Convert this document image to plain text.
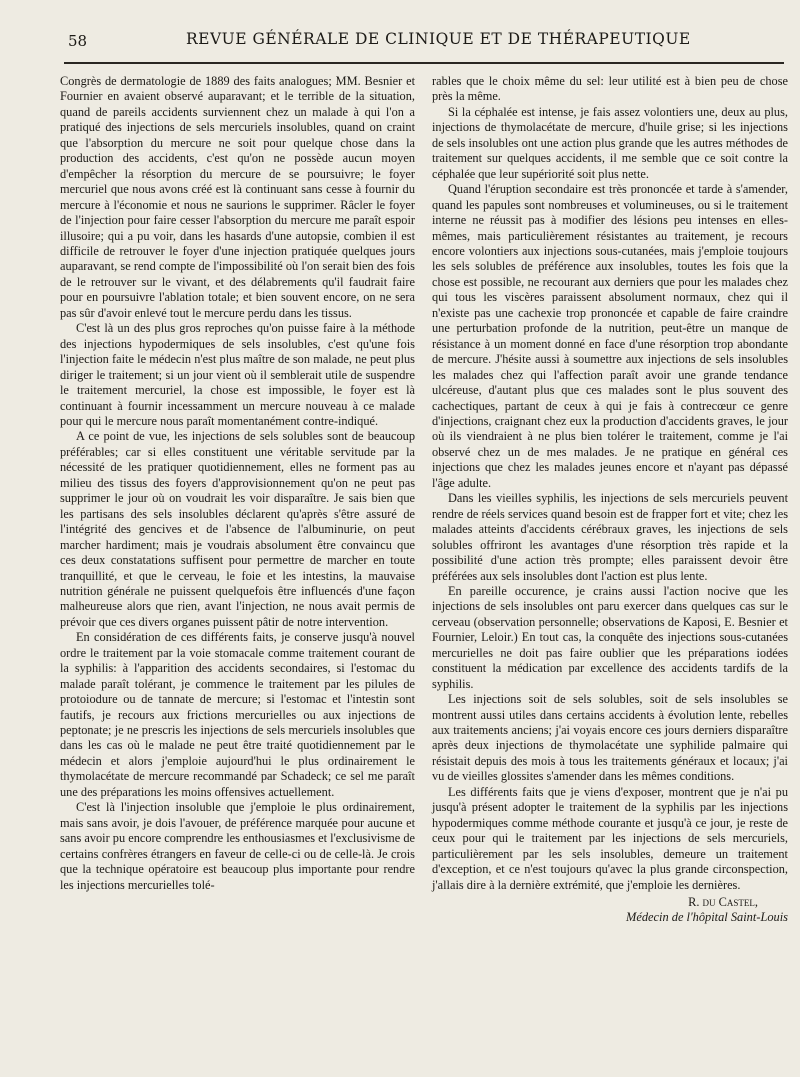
58	REVUE GÉNÉRALE DE CLINIQUE ET DE THÉRAPEUTIQUE

Congrès de dermatologie de 1889 des faits analogues; MM. Besnier et Fournier en avaient observé auparavant; et le terrible de la situation, quand de pareils accidents surviennent chez un malade à qui l'on a pratiqué des injections de sels mercuriels insolubles, quand on craint que l'absorption du mercure ne soit pour quelque chose dans la production des accidents, c'est qu'on ne possède aucun moyen d'empêcher la résorption du mercure de se poursuivre; le foyer mercuriel que nous avons créé est là continuant sans cesse à fournir du mercure à l'économie et nous ne saurions le supprimer. Râcler le foyer de l'injection pour faire cesser l'absorption du mercure me paraît espoir illusoire; qui a pu voir, dans les hasards d'une autopsie, combien il est difficile de retrouver le foyer d'une injection pratiquée quelques jours auparavant, se rend compte de l'impossibilité où l'on serait bien des fois de le retrouver sur le vivant, et des délabrements qu'il faudrait faire pour en poursuivre l'ablation totale; et bien souvent encore, on ne sera pas sûr d'avoir enlevé tout le mercure perdu dans les tissus.

C'est là un des plus gros reproches qu'on puisse faire à la méthode des injections hypodermiques de sels insolubles, c'est qu'une fois l'injection faite le médecin n'est plus maître de son malade, ne peut plus diriger le traitement; si un jour vient où il semblerait utile de suspendre le traitement mercuriel, la chose est impossible, le foyer est là continuant à fournir incessamment un mercure nouveau à ce malade pour qui le mercure nous paraît momentanément contre-indiqué.

A ce point de vue, les injections de sels solubles sont de beaucoup préférables; car si elles constituent une véritable servitude par la nécessité de les pratiquer quotidiennement, elles ne forment pas au milieu des tissus des foyers d'approvisionnement qu'on ne peut pas supprimer le jour où on voudrait les voir disparaître. Je sais bien que les partisans des sels insolubles déclarent qu'après s'être assuré de l'intégrité des gencives et de l'absence de l'albuminurie, on peut marcher hardiment; mais je voudrais absolument être convaincu que ces deux constatations suffisent pour permettre de marcher en toute tranquillité, et que le cerveau, le foie et les intestins, la mauvaise nutrition générale ne puissent quelquefois être influencés d'une façon malheureuse alors que rien, avant l'injection, ne nous avait permis de prévoir que ces divers organes puissent pâtir de notre intervention.

En considération de ces différents faits, je conserve jusqu'à nouvel ordre le traitement par la voie stomacale comme traitement courant de la syphilis: à l'apparition des accidents secondaires, si l'estomac du malade paraît tolérant, je commence le traitement par les pilules de protoiodure ou de tannate de mercure; si l'estomac et l'intestin sont fautifs, je recours aux frictions mercurielles ou aux injections de peptonate; je ne prescris les injections de sels mercuriels insolubles que dans les cas où le malade ne peut être traité quotidiennement par le médecin et alors j'emploie aujourd'hui le plus ordinairement le thymolacétate de mercure recommandé par Schadeck; ce sel me paraît une des préparations les moins offensives actuellement.

C'est là l'injection insoluble que j'emploie le plus ordinairement, mais sans avoir, je dois l'avouer, de préférence marquée pour aucune et sans avoir pu encore comprendre les enthousiasmes et l'exclusivisme de certains confrères étrangers en faveur de celle-ci ou de celle-là. Je crois que la technique opératoire est beaucoup plus importante pour rendre les injections mercurielles tolé-

rables que le choix même du sel: leur utilité est à bien peu de chose près la même.

Si la céphalée est intense, je fais assez volontiers une, deux au plus, injections de thymolacétate de mercure, d'huile grise; si les injections de sels insolubles ont une action plus grande que les autres méthodes de traitement sur quelques accidents, il me semble que ce soit contre la céphalée que leur supériorité soit plus nette.

Quand l'éruption secondaire est très prononcée et tarde à s'amender, quand les papules sont nombreuses et volumineuses, ou si le traitement interne ne réussit pas à modifier des lésions peu intenses en elles-mêmes, mais particulièrement résistantes au traitement, je recours encore volontiers aux injections sous-cutanées, mais j'emploie toujours les sels solubles de préférence aux insolubles, toutes les fois que la chose est possible, ne recourant aux derniers que pour les malades chez qui tous les viscères paraissent absolument normaux, chez qui il n'existe pas une cachexie trop prononcée et capable de faire craindre une perturbation profonde de la nutrition, peut-être un manque de résistance à un moment donné en face d'une résorption trop abondante de mercure. J'hésite aussi à soumettre aux injections de sels insolubles les malades chez qui l'affection paraît avoir une grande tendance ulcéreuse, d'autant plus que ces malades sont le plus souvent des cachectiques, partant de ceux à qui je fais à contrecœur ce genre d'injections, craignant chez eux la production d'accidents graves, le jour où ils viendraient à ne plus bien tolérer le traitement, comme je l'ai observé chez un de mes malades. Je ne pratique en général ces injections que chez les malades jeunes encore et n'ayant pas dépassé l'âge adulte.

Dans les vieilles syphilis, les injections de sels mercuriels peuvent rendre de réels services quand besoin est de frapper fort et vite; chez les malades atteints d'accidents cérébraux graves, les injections de sels solubles offriront les avantages d'une résorption très rapide et la possibilité d'une action très prompte; elles paraissent devoir être préférées aux sels insolubles dont l'action est plus lente.

En pareille occurence, je crains aussi l'action nocive que les injections de sels insolubles ont paru exercer dans quelques cas sur le cerveau (observation personnelle; observations de Kaposi, E. Besnier et Fournier, Leloir.) En tout cas, la conquête des injections sous-cutanées mercurielles ne doit pas faire oublier que les préparations iodées constituent la médication par excellence des accidents tardifs de la syphilis.

Les injections soit de sels solubles, soit de sels insolubles se montrent aussi utiles dans certains accidents à évolution lente, rebelles aux traitements anciens; j'ai voyais encore ces jours derniers disparaître après deux injections de thymolacétate une syphilide palmaire qui résistait depuis des mois à tous les traitements généraux et locaux; j'ai vu de vieilles glossites s'amender dans les mêmes conditions.

Les différents faits que je viens d'exposer, montrent que je n'ai pu jusqu'à présent adopter le traitement de la syphilis par les injections hypodermiques comme méthode courante et jusqu'à ce jour, je reste de ceux pour qui le traitement par les injections de sels mercuriels, particulièrement par les sels insolubles, demeure un traitement d'exception, et ce n'est toujours qu'avec la plus grande circonspection, j'allais dire à la dernière extrémité, que j'emploie les dernières.

R. du Castel,
Médecin de l'hôpital Saint-Louis
